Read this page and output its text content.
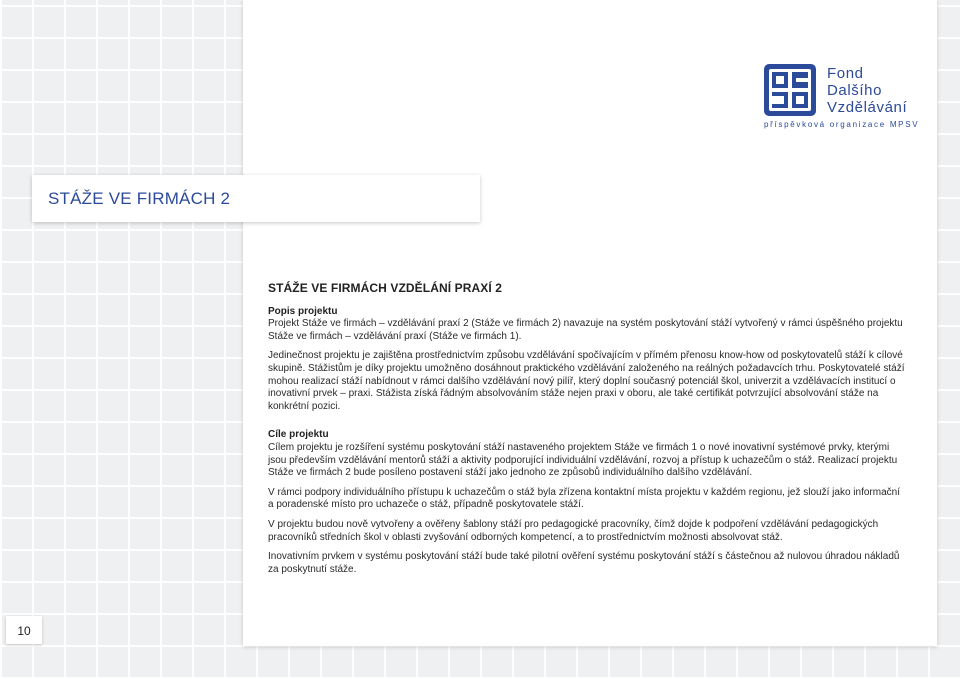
STÁŽE VE FIRMÁCH 2
Fond
Dalšího
Vzdělávání
příspěvková organizace MPSV
STÁŽE VE FIRMÁCH VZDĚLÁNÍ PRAXÍ 2
Popis projektu

Projekt Stáže ve firmách – vzdělávání praxí 2 (Stáže ve firmách 2) navazuje na systém poskytování stáží vytvořený v rámci úspěšného projektu Stáže ve firmách – vzdělávání praxí (Stáže ve firmách 1).

Jedinečnost projektu je zajištěna prostřednictvím způsobu vzdělávání spočívajícím v přímém přenosu know-how od poskytovatelů stáží k cílové skupině. Stážistům je díky projektu umožněno dosáhnout praktického vzdělávání založeného na reálných požadavcích trhu. Poskytovatelé stáží mohou realizací stáží nabídnout v rámci dalšího vzdělávání nový pilíř, který doplní současný potenciál škol, univerzit a vzdělávacích institucí o inovativní prvek – praxi. Stážista získá řádným absolvováním stáže nejen praxi v oboru, ale také certifikát potvrzující absolvování stáže na konkrétní pozici.

Cíle projektu

Cílem projektu je rozšíření systému poskytování stáží nastaveného projektem Stáže ve firmách 1 o nové inovativní systémové prvky, kterými jsou především vzdělávání mentorů stáží a aktivity podporující individuální vzdělávání, rozvoj a přístup k uchazečům o stáž. Realizací projektu Stáže ve firmách 2 bude posíleno postavení stáží jako jednoho ze způsobů individuálního dalšího vzdělávání.

V rámci podpory individuálního přístupu k uchazečům o stáž byla zřízena kontaktní místa projektu v každém regionu, jež slouží jako informační a poradenské místo pro uchazeče o stáž, případně poskytovatele stáží.

V projektu budou nově vytvořeny a ověřeny šablony stáží pro pedagogické pracovníky, čímž dojde k podpoření vzdělávání pedagogických pracovníků středních škol v oblasti zvyšování odborných kompetencí, a to prostřednictvím možnosti absolvovat stáž.

Inovativním prvkem v systému poskytování stáží bude také pilotní ověření systému poskytování stáží s částečnou až nulovou úhradou nákladů za poskytnutí stáže.

10
